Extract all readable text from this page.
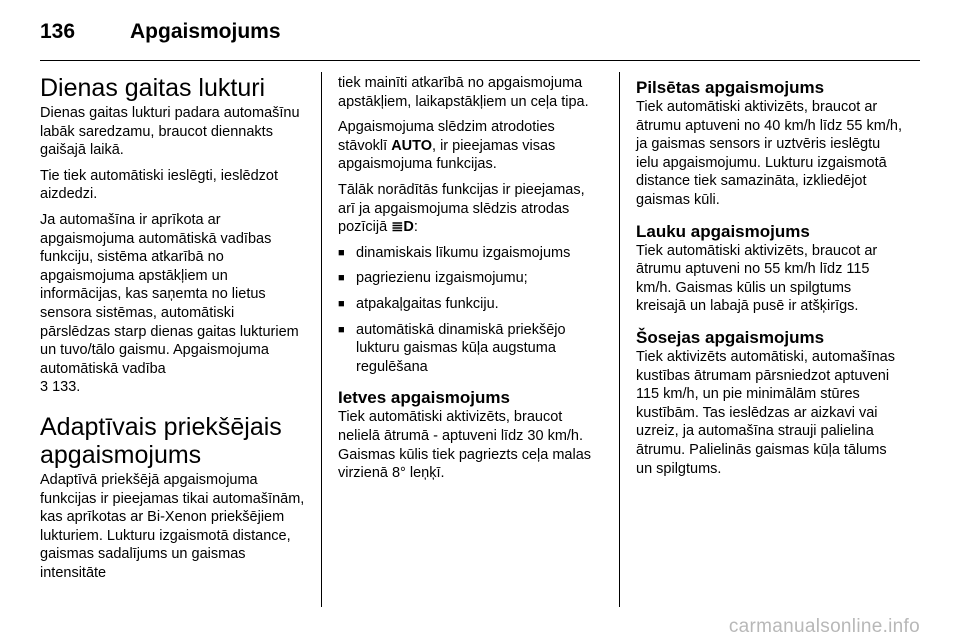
136	Apgaismojums
Dienas gaitas lukturi

Dienas gaitas lukturi padara automašīnu labāk saredzamu, braucot diennakts gaišajā laikā.

Tie tiek automātiski ieslēgti, ieslēdzot aizdedzi.

Ja automašīna ir aprīkota ar apgaismojuma automātiskā vadības funkciju, sistēma atkarībā no apgaismojuma apstākļiem un informācijas, kas saņemta no lietus sensora sistēmas, automātiski pārslēdzas starp dienas gaitas lukturiem un tuvo/tālo gaismu. Apgaismojuma automātiskā vadība
3 133.

Adaptīvais priekšējais apgaismojums

Adaptīvā priekšējā apgaismojuma funkcijas ir pieejamas tikai automašīnām, kas aprīkotas ar Bi-Xenon priekšējiem lukturiem. Lukturu izgaismotā distance, gaismas sadalījums un gaismas intensitāte

tiek mainīti atkarībā no apgaismojuma apstākļiem, laikapstākļiem un ceļa tipa.

Apgaismojuma slēdzim atrodoties stāvoklī AUTO, ir pieejamas visas apgaismojuma funkcijas.

Tālāk norādītās funkcijas ir pieejamas, arī ja apgaismojuma slēdzis atrodas pozīcijā ≣D:

■ dinamiskais līkumu izgaismojums
■ pagriezienu izgaismojumu;
■ atpakaļgaitas funkciju.
■ automātiskā dinamiskā priekšējo lukturu gaismas kūļa augstuma regulēšana
Ietves apgaismojums

Tiek automātiski aktivizēts, braucot nelielā ātrumā - aptuveni līdz 30 km/h. Gaismas kūlis tiek pagriezts ceļa malas virzienā 8° leņķī.

Pilsētas apgaismojums

Tiek automātiski aktivizēts, braucot ar ātrumu aptuveni no 40 km/h līdz 55 km/h, ja gaismas sensors ir uztvēris ieslēgtu ielu apgaismojumu. Lukturu izgaismotā distance tiek samazināta, izkliedējot gaismas kūli.

Lauku apgaismojums

Tiek automātiski aktivizēts, braucot ar ātrumu aptuveni no 55 km/h līdz 115 km/h. Gaismas kūlis un spilgtums kreisajā un labajā pusē ir atšķirīgs.

Šosejas apgaismojums

Tiek aktivizēts automātiski, automašīnas kustības ātrumam pārsniedzot aptuveni 115 km/h, un pie minimālām stūres kustībām. Tas ieslēdzas ar aizkavi vai uzreiz, ja automašīna strauji palielina ātrumu. Palielinās gaismas kūļa tālums un spilgtums.

carmanualsonline.info
